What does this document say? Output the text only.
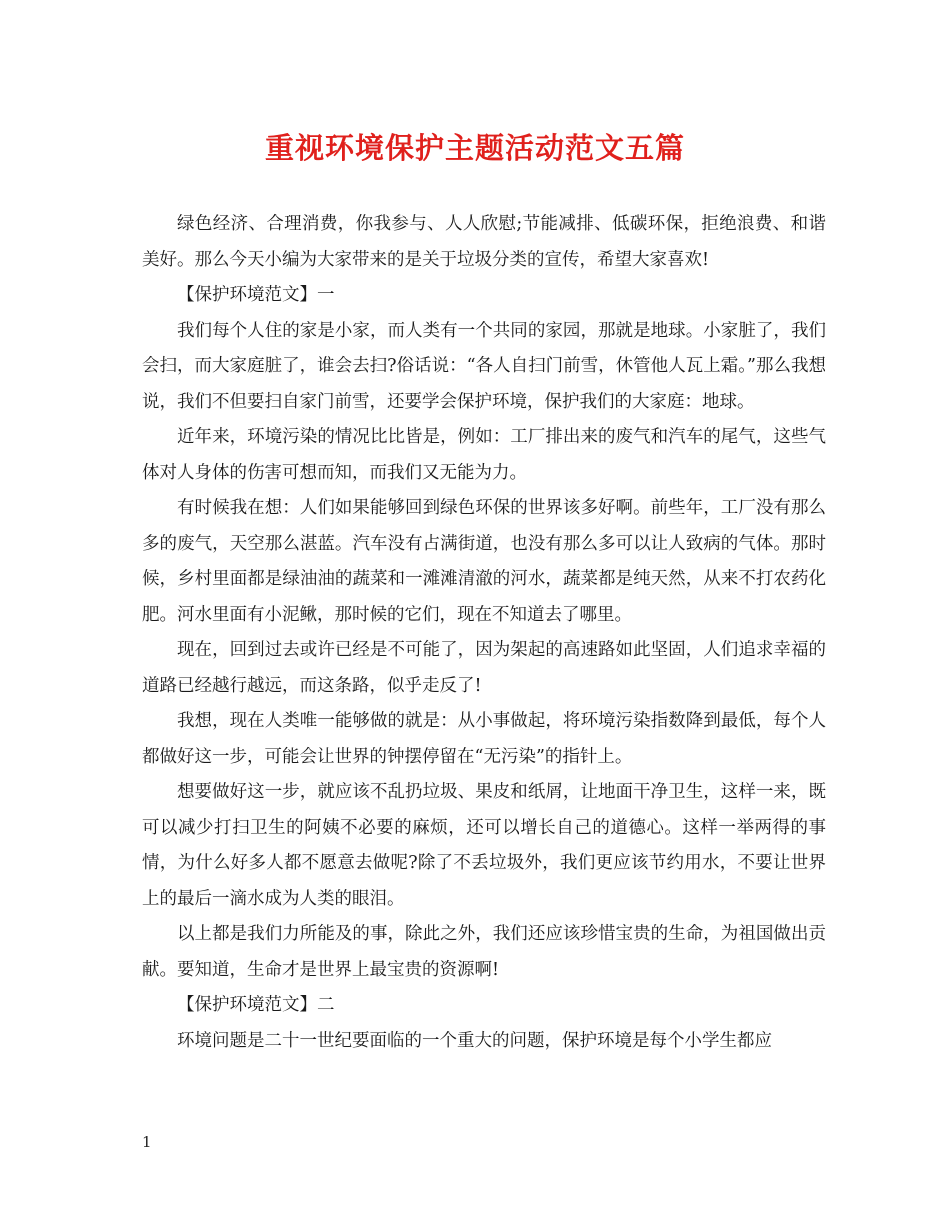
重视环境保护主题活动范文五篇

绿色经济、合理消费，你我参与、人人欣慰;节能减排、低碳环保，拒绝浪费、和谐美好。那么今天小编为大家带来的是关于垃圾分类的宣传，希望大家喜欢!

【保护环境范文】一

我们每个人住的家是小家，而人类有一个共同的家园，那就是地球。小家脏了，我们会扫，而大家庭脏了，谁会去扫?俗话说：“各人自扫门前雪，休管他人瓦上霜。”那么我想说，我们不但要扫自家门前雪，还要学会保护环境，保护我们的大家庭：地球。

近年来，环境污染的情况比比皆是，例如：工厂排出来的废气和汽车的尾气，这些气体对人身体的伤害可想而知，而我们又无能为力。

有时候我在想：人们如果能够回到绿色环保的世界该多好啊。前些年，工厂没有那么多的废气，天空那么湛蓝。汽车没有占满街道，也没有那么多可以让人致病的气体。那时候，乡村里面都是绿油油的蔬菜和一滩滩清澈的河水，蔬菜都是纯天然，从来不打农药化肥。河水里面有小泥鳅，那时候的它们，现在不知道去了哪里。

现在，回到过去或许已经是不可能了，因为架起的高速路如此坚固，人们追求幸福的道路已经越行越远，而这条路，似乎走反了!

我想，现在人类唯一能够做的就是：从小事做起，将环境污染指数降到最低，每个人都做好这一步，可能会让世界的钟摆停留在“无污染”的指针上。

想要做好这一步，就应该不乱扔垃圾、果皮和纸屑，让地面干净卫生，这样一来，既可以减少打扫卫生的阿姨不必要的麻烦，还可以增长自己的道德心。这样一举两得的事情，为什么好多人都不愿意去做呢?除了不丢垃圾外，我们更应该节约用水，不要让世界上的最后一滴水成为人类的眼泪。

以上都是我们力所能及的事，除此之外，我们还应该珍惜宝贵的生命，为祖国做出贡献。要知道，生命才是世界上最宝贵的资源啊!

【保护环境范文】二

环境问题是二十一世纪要面临的一个重大的问题，保护环境是每个小学生都应

1
